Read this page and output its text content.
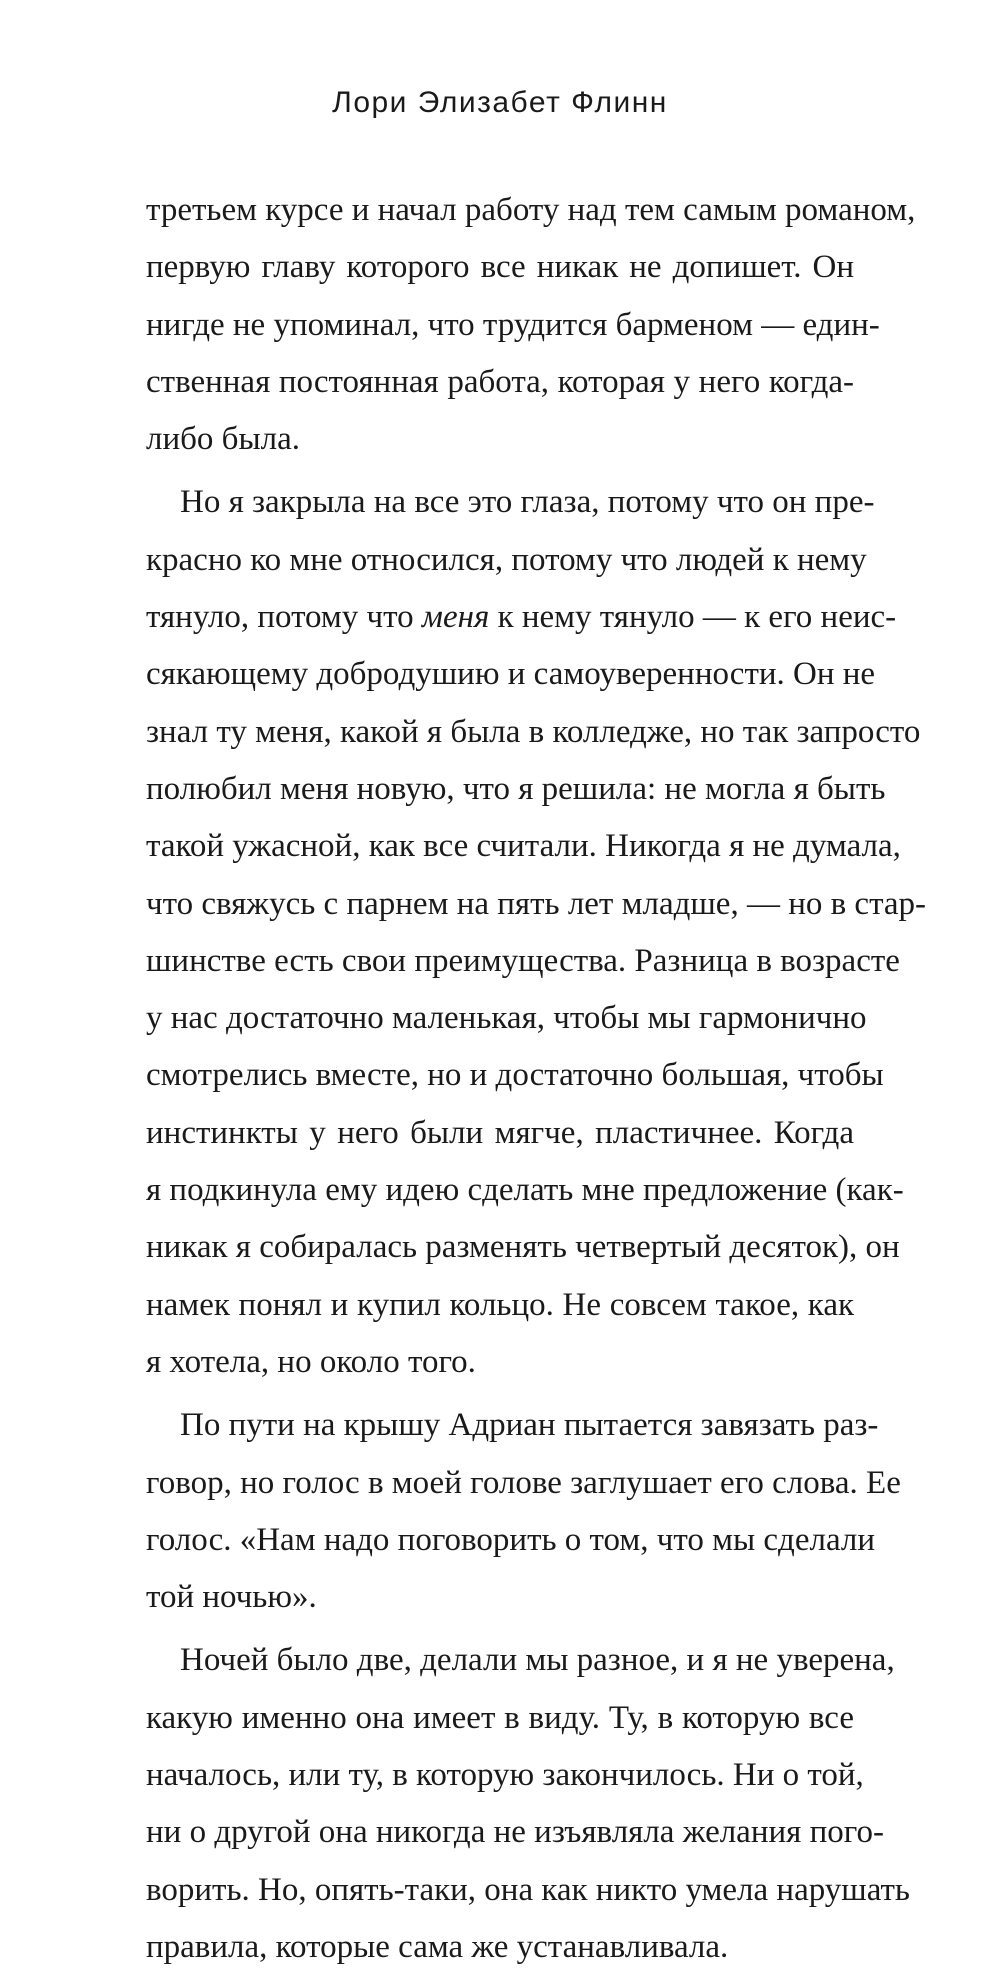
Лори Элизабет Флинн
третьем курсе и начал работу над тем самым романом,
первую главу которого все никак не допишет. Он
нигде не упоминал, что трудится барменом — един-
ственная постоянная работа, которая у него когда-
либо была.
Но я закрыла на все это глаза, потому что он пре-
красно ко мне относился, потому что людей к нему
тянуло, потому что меня к нему тянуло — к его неис-
сякающему добродушию и самоуверенности. Он не
знал ту меня, какой я была в колледже, но так запросто
полюбил меня новую, что я решила: не могла я быть
такой ужасной, как все считали. Никогда я не думала,
что свяжусь с парнем на пять лет младше, — но в стар-
шинстве есть свои преимущества. Разница в возрасте
у нас достаточно маленькая, чтобы мы гармонично
смотрелись вместе, но и достаточно большая, чтобы
инстинкты у него были мягче, пластичнее. Когда
я подкинула ему идею сделать мне предложение (как-
никак я собиралась разменять четвертый десяток), он
намек понял и купил кольцо. Не совсем такое, как
я хотела, но около того.
По пути на крышу Адриан пытается завязать раз-
говор, но голос в моей голове заглушает его слова. Ее
голос. «Нам надо поговорить о том, что мы сделали
той ночью».
Ночей было две, делали мы разное, и я не уверена,
какую именно она имеет в виду. Ту, в которую все
началось, или ту, в которую закончилось. Ни о той,
ни о другой она никогда не изъявляла желания пого-
ворить. Но, опять-таки, она как никто умела нарушать
правила, которые сама же устанавливала.
